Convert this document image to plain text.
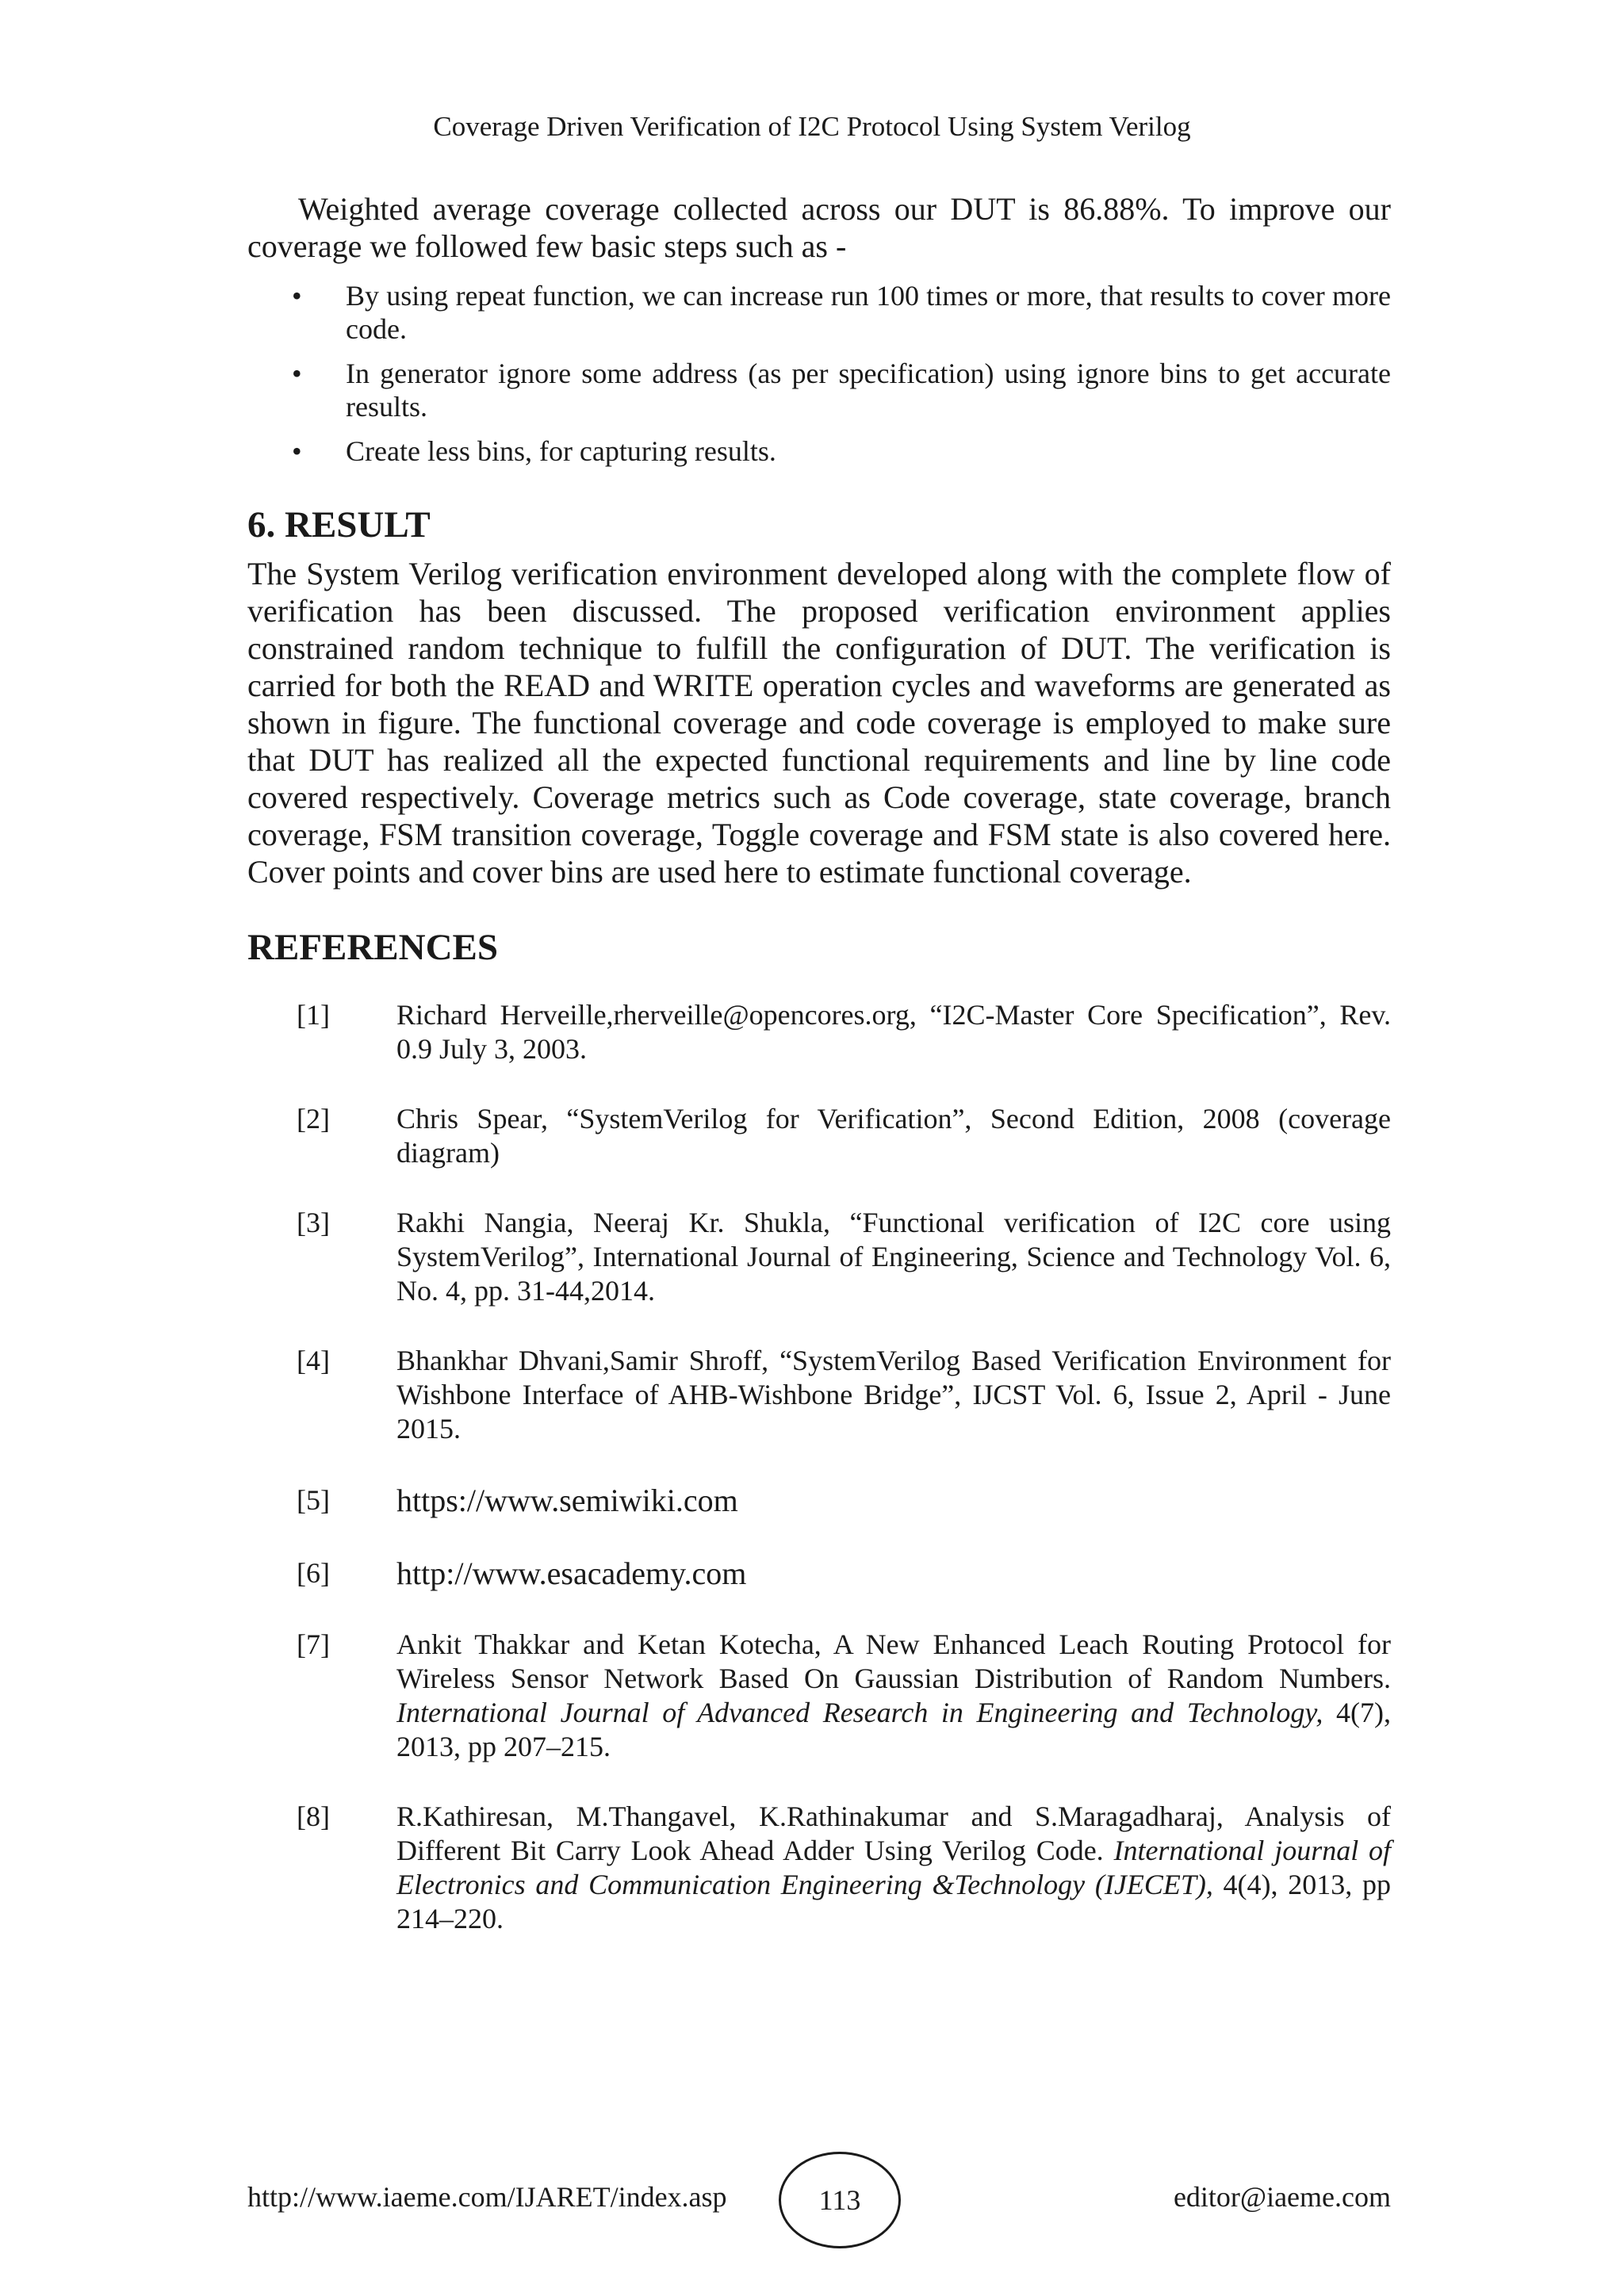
Coverage Driven Verification of I2C Protocol Using System Verilog

Weighted average coverage collected across our DUT is 86.88%. To improve our coverage we followed few basic steps such as -

• By using repeat function, we can increase run 100 times or more, that results to cover more code.
• In generator ignore some address (as per specification) using ignore bins to get accurate results.
• Create less bins, for capturing results.
6. RESULT

The System Verilog verification environment developed along with the complete flow of verification has been discussed. The proposed verification environment applies constrained random technique to fulfill the configuration of DUT. The verification is carried for both the READ and WRITE operation cycles and waveforms are generated as shown in figure. The functional coverage and code coverage is employed to make sure that DUT has realized all the expected functional requirements and line by line code covered respectively. Coverage metrics such as Code coverage, state coverage, branch coverage, FSM transition coverage, Toggle coverage and FSM state is also covered here. Cover points and cover bins are used here to estimate functional coverage.

REFERENCES
[1] Richard Herveille,rherveille@opencores.org, “I2C-Master Core Specification”, Rev. 0.9 July 3, 2003.
[2] Chris Spear, “SystemVerilog for Verification”, Second Edition, 2008 (coverage diagram)
[3] Rakhi Nangia, Neeraj Kr. Shukla, “Functional verification of I2C core using SystemVerilog”, International Journal of Engineering, Science and Technology Vol. 6, No. 4, pp. 31-44,2014.
[4] Bhankhar Dhvani,Samir Shroff, “SystemVerilog Based Verification Environment for Wishbone Interface of AHB-Wishbone Bridge”, IJCST Vol. 6, Issue 2, April - June 2015.
[5] https://www.semiwiki.com
[6] http://www.esacademy.com
[7] Ankit Thakkar and Ketan Kotecha, A New Enhanced Leach Routing Protocol for Wireless Sensor Network Based On Gaussian Distribution of Random Numbers. International Journal of Advanced Research in Engineering and Technology, 4(7), 2013, pp 207–215.
[8] R.Kathiresan, M.Thangavel, K.Rathinakumar and S.Maragadharaj, Analysis of Different Bit Carry Look Ahead Adder Using Verilog Code. International journal of Electronics and Communication Engineering &Technology (IJECET), 4(4), 2013, pp 214–220.
http://www.iaeme.com/IJARET/index.asp	113	editor@iaeme.com
